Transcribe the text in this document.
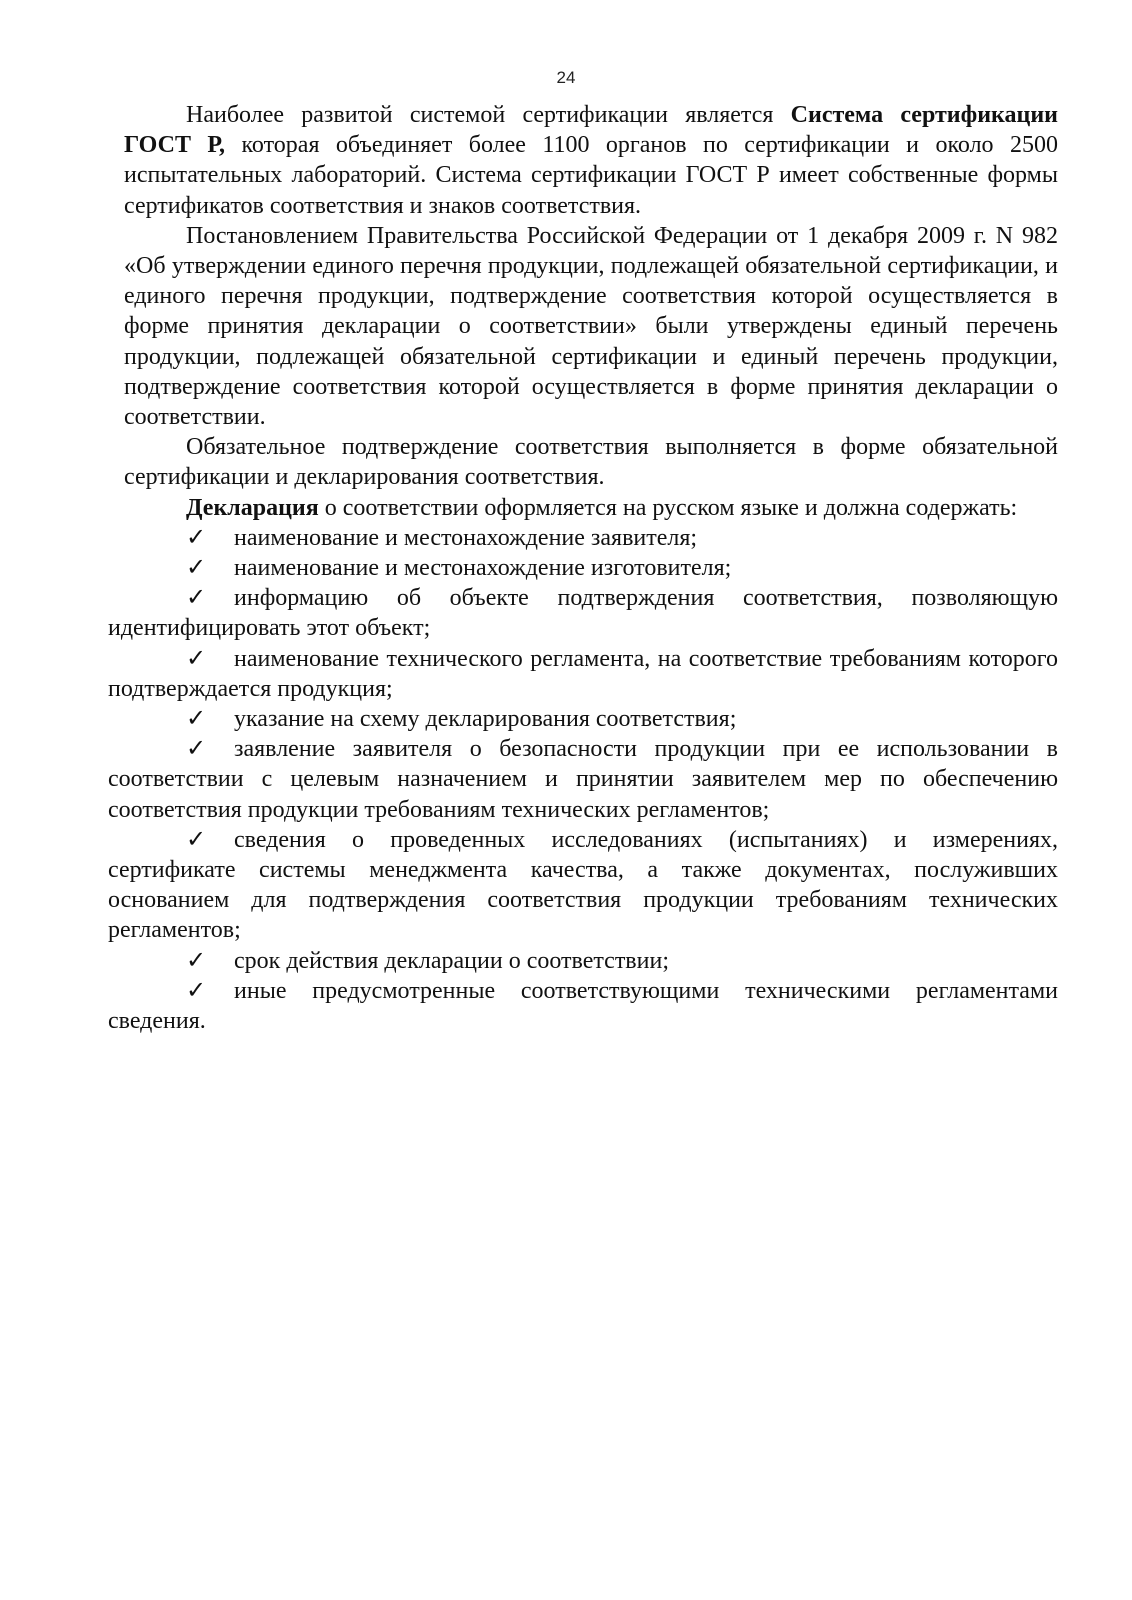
24
Наиболее развитой системой сертификации является Система сертификации ГОСТ Р, которая объединяет более 1100 органов по сертификации и около 2500 испытательных лабораторий. Система сертификации ГОСТ Р имеет собственные формы сертификатов соответствия и знаков соответствия.
Постановлением Правительства Российской Федерации от 1 декабря 2009 г. N 982 «Об утверждении единого перечня продукции, подлежащей обязательной сертификации, и единого перечня продукции, подтверждение соответствия которой осуществляется в форме принятия декларации о соответствии» были утверждены единый перечень продукции, подлежащей обязательной сертификации и единый перечень продукции, подтверждение соответствия которой осуществляется в форме принятия декларации о соответствии.
Обязательное подтверждение соответствия выполняется в форме обязательной сертификации и декларирования соответствия.
Декларация о соответствии оформляется на русском языке и должна содержать:
✓ наименование и местонахождение заявителя;
✓ наименование и местонахождение изготовителя;
✓ информацию об объекте подтверждения соответствия, позволяющую идентифицировать этот объект;
✓ наименование технического регламента, на соответствие требованиям которого подтверждается продукция;
✓ указание на схему декларирования соответствия;
✓ заявление заявителя о безопасности продукции при ее использовании в соответствии с целевым назначением и принятии заявителем мер по обеспечению соответствия продукции требованиям технических регламентов;
✓ сведения о проведенных исследованиях (испытаниях) и измерениях, сертификате системы менеджмента качества, а также документах, послуживших основанием для подтверждения соответствия продукции требованиям технических регламентов;
✓ срок действия декларации о соответствии;
✓ иные предусмотренные соответствующими техническими регламентами сведения.
